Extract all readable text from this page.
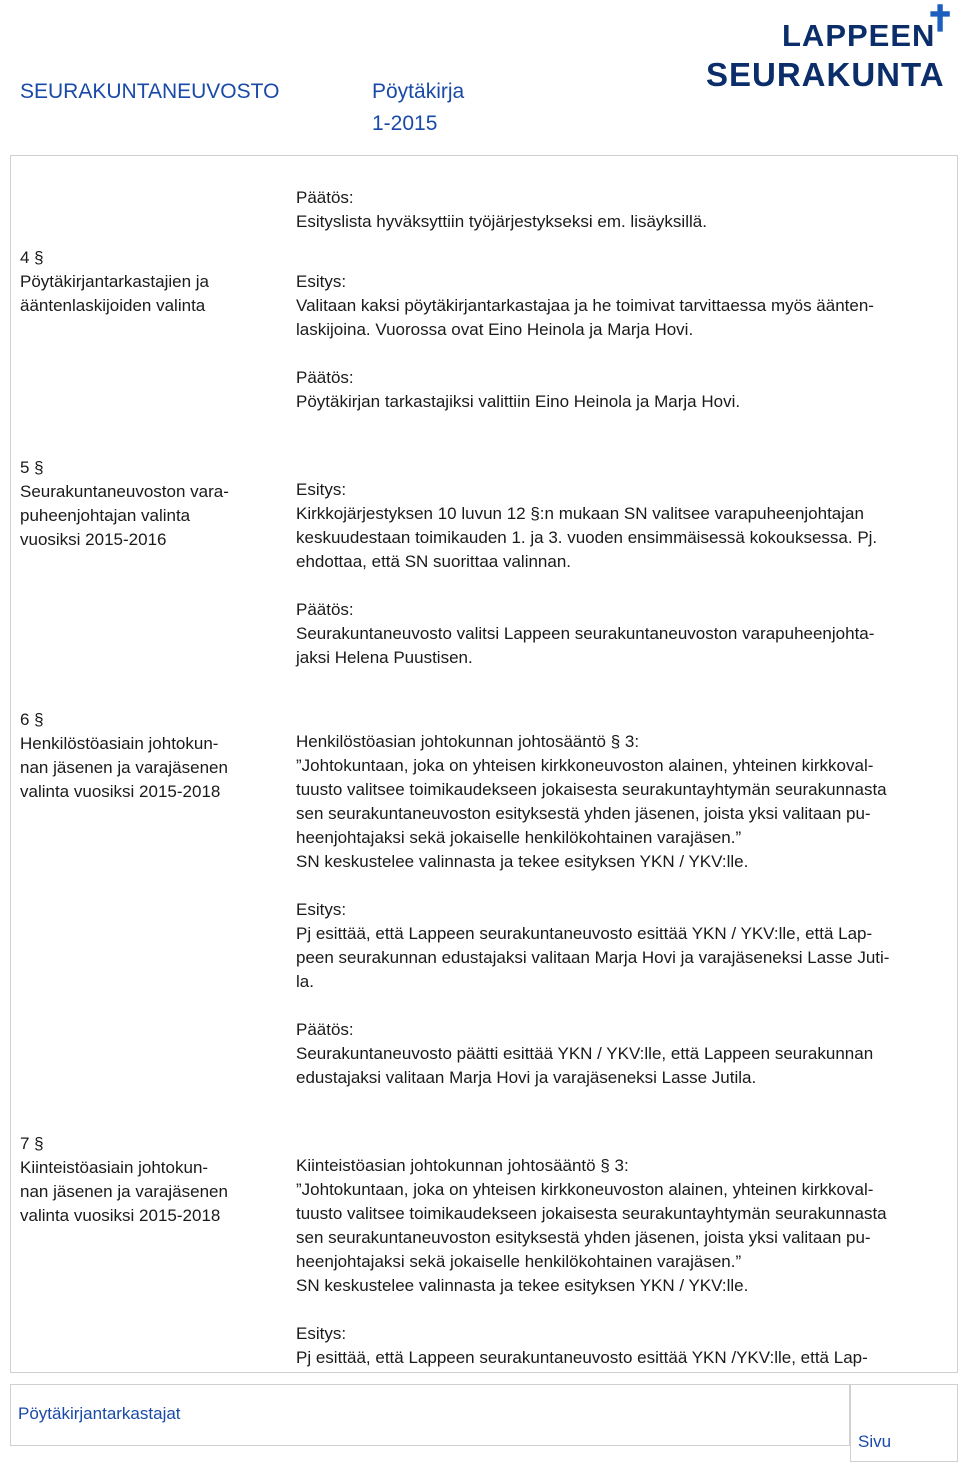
SEURAKUNTANEUVOSTO	Pöytäkirja
1-2015
LAPPEEN
SEURAKUNTA
✝
Päätös:
Esityslista hyväksyttiin työjärjestykseksi em. lisäyksillä.
4 §
Pöytäkirjantarkastajien ja
ääntenlaskijoiden valinta
Esitys:
Valitaan kaksi pöytäkirjantarkastajaa ja he toimivat tarvittaessa myös äänten-
laskijoina. Vuorossa ovat Eino Heinola ja Marja Hovi.
Päätös:
Pöytäkirjan tarkastajiksi valittiin Eino Heinola ja Marja Hovi.
5 §
Seurakuntaneuvoston vara-
puheenjohtajan valinta
vuosiksi 2015-2016
Esitys:
Kirkkojärjestyksen 10 luvun 12 §:n mukaan SN valitsee varapuheenjohtajan
keskuudestaan toimikauden 1. ja 3. vuoden ensimmäisessä kokouksessa. Pj.
ehdottaa, että SN suorittaa valinnan.
Päätös:
Seurakuntaneuvosto valitsi Lappeen seurakuntaneuvoston varapuheenjohta-
jaksi Helena Puustisen.
6 §
Henkilöstöasiain johtokun-
nan jäsenen ja varajäsenen
valinta vuosiksi 2015-2018
Henkilöstöasian johtokunnan johtosääntö § 3:
”Johtokuntaan, joka on yhteisen kirkkoneuvoston alainen, yhteinen kirkkoval-
tuusto valitsee toimikaudekseen jokaisesta seurakuntayhtymän seurakunnasta
sen seurakuntaneuvoston esityksestä yhden jäsenen, joista yksi valitaan pu-
heenjohtajaksi sekä jokaiselle henkilökohtainen varajäsen.”
SN keskustelee valinnasta ja tekee esityksen YKN / YKV:lle.
Esitys:
Pj esittää, että Lappeen seurakuntaneuvosto esittää YKN / YKV:lle, että Lap-
peen seurakunnan edustajaksi valitaan Marja Hovi ja varajäseneksi Lasse Juti-
la.
Päätös:
Seurakuntaneuvosto päätti esittää YKN / YKV:lle, että Lappeen seurakunnan
edustajaksi valitaan Marja Hovi ja varajäseneksi Lasse Jutila.
7 §
Kiinteistöasiain johtokun-
nan jäsenen ja varajäsenen
valinta vuosiksi 2015-2018
Kiinteistöasian johtokunnan johtosääntö § 3:
”Johtokuntaan, joka on yhteisen kirkkoneuvoston alainen, yhteinen kirkkoval-
tuusto valitsee toimikaudekseen jokaisesta seurakuntayhtymän seurakunnasta
sen seurakuntaneuvoston esityksestä yhden jäsenen, joista yksi valitaan pu-
heenjohtajaksi sekä jokaiselle henkilökohtainen varajäsen.”
SN keskustelee valinnasta ja tekee esityksen YKN / YKV:lle.
Esitys:
Pj esittää, että Lappeen seurakuntaneuvosto esittää YKN /YKV:lle, että Lap-
Pöytäkirjantarkastajat
Sivu
